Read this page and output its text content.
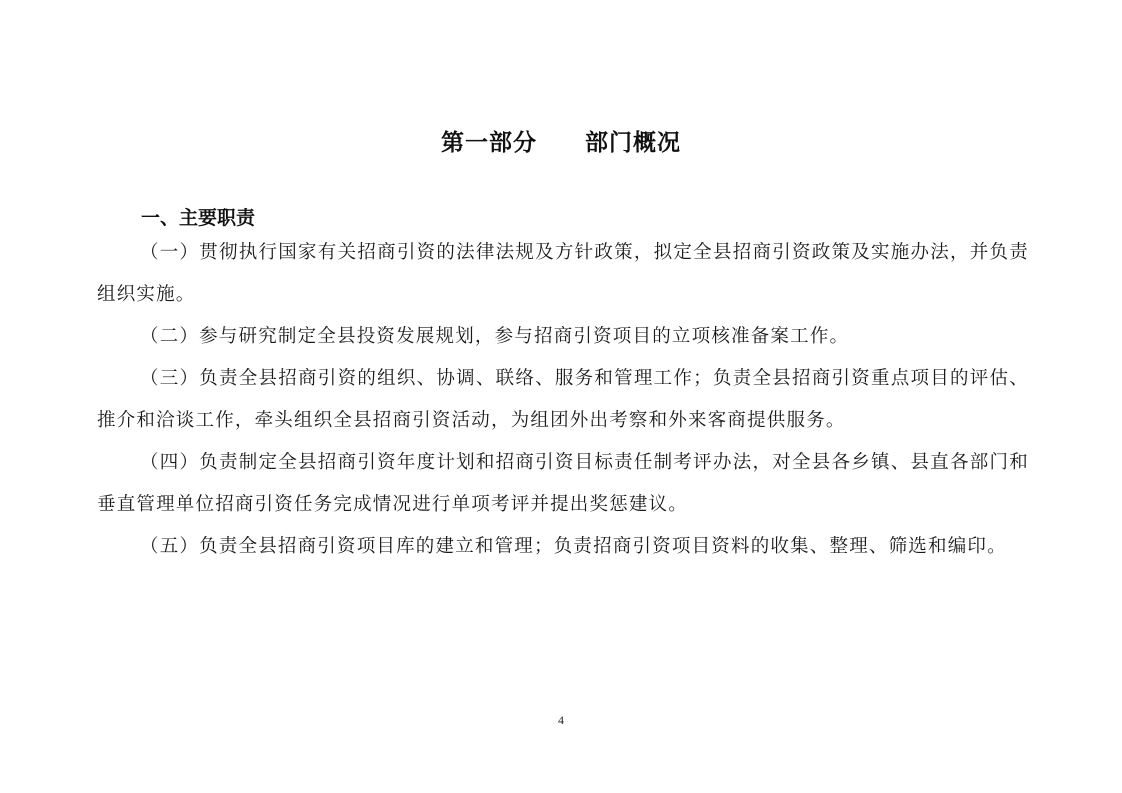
第一部分　　部门概况
一、主要职责

（一）贯彻执行国家有关招商引资的法律法规及方针政策，拟定全县招商引资政策及实施办法，并负责组织实施。

（二）参与研究制定全县投资发展规划，参与招商引资项目的立项核准备案工作。

（三）负责全县招商引资的组织、协调、联络、服务和管理工作；负责全县招商引资重点项目的评估、推介和洽谈工作，牵头组织全县招商引资活动，为组团外出考察和外来客商提供服务。

（四）负责制定全县招商引资年度计划和招商引资目标责任制考评办法，对全县各乡镇、县直各部门和垂直管理单位招商引资任务完成情况进行单项考评并提出奖惩建议。

（五）负责全县招商引资项目库的建立和管理；负责招商引资项目资料的收集、整理、筛选和编印。

4
